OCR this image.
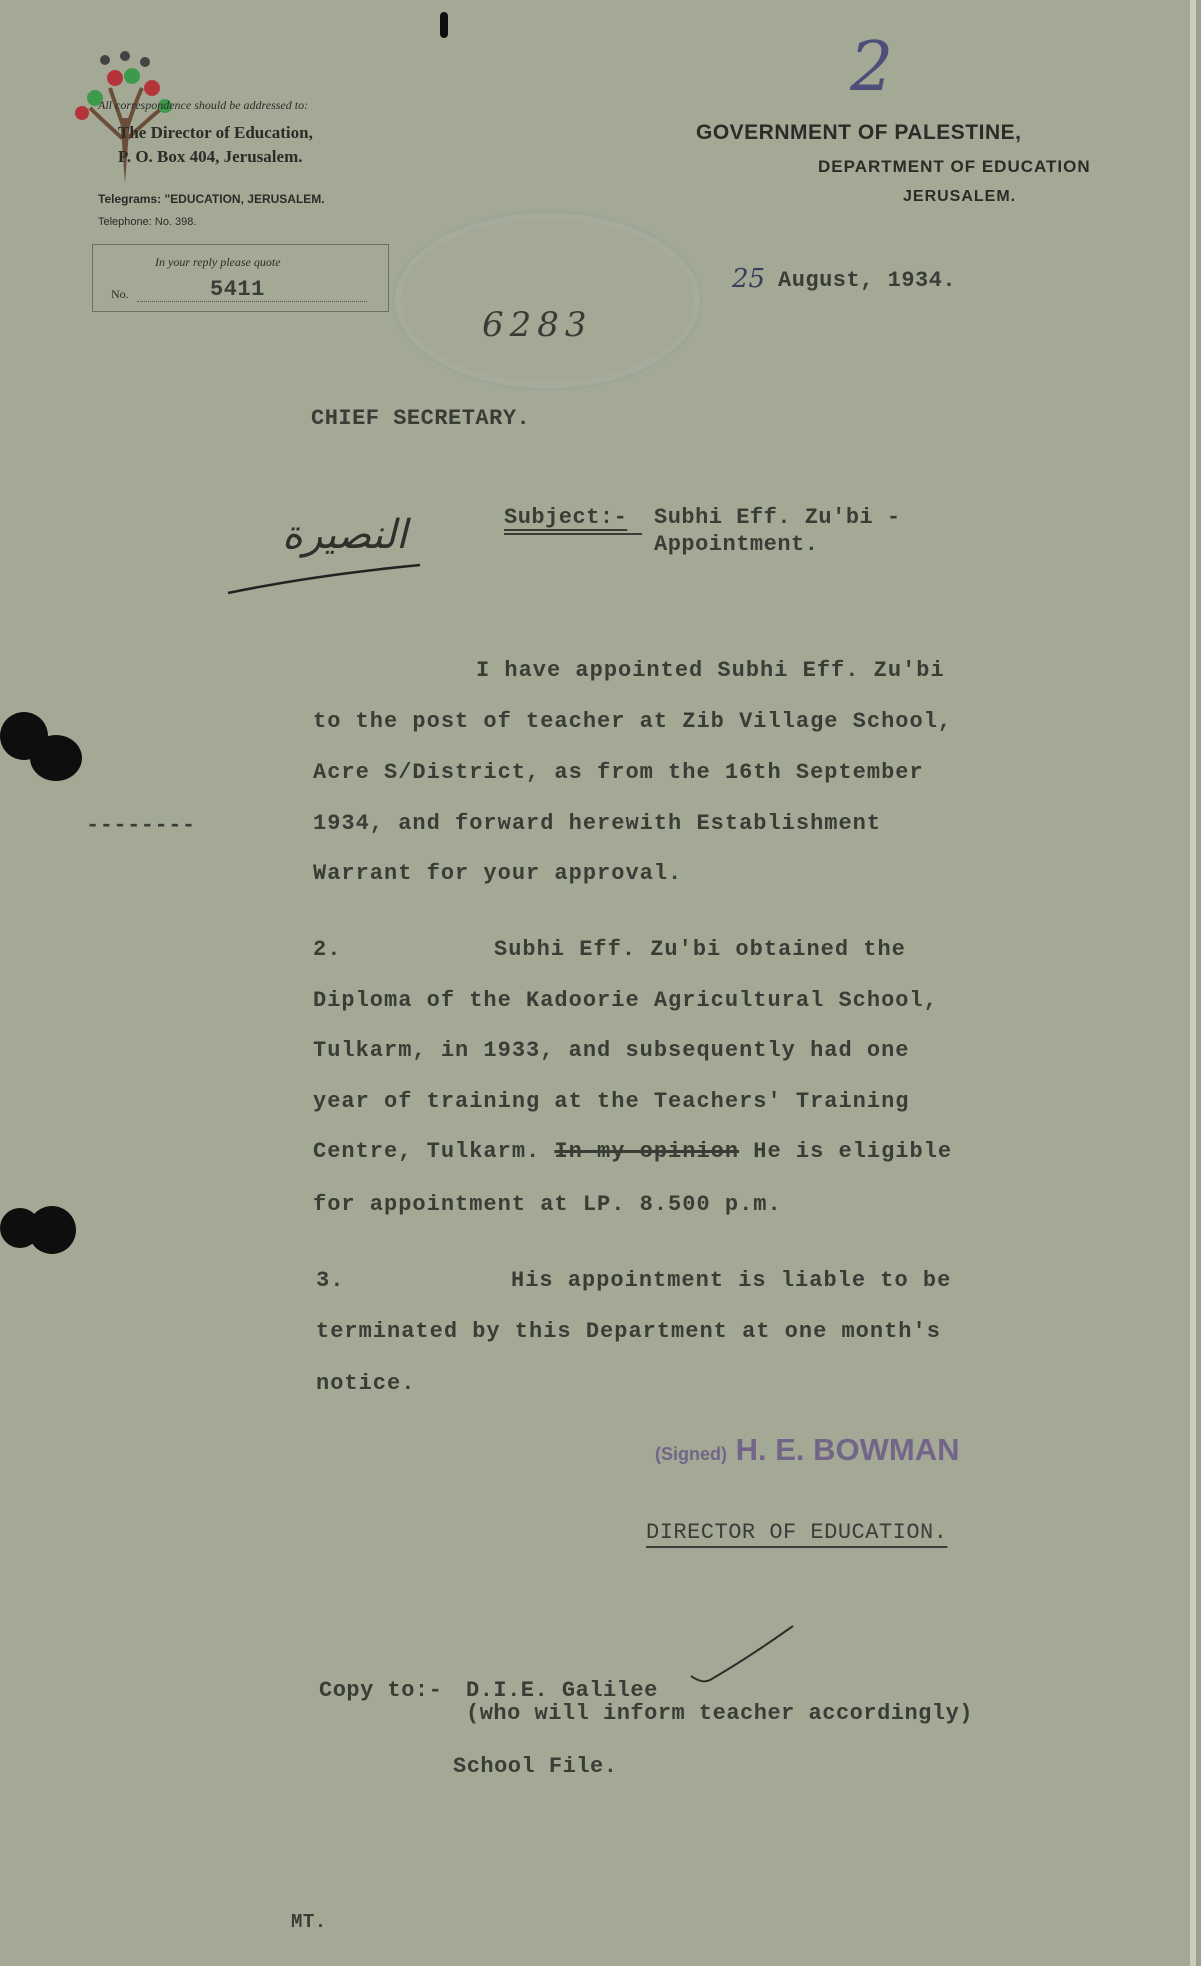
All correspondence should be addressed to:
The Director of Education,
P. O. Box 404, Jerusalem.
Telegrams: "EDUCATION, JERUSALEM.
Telephone: No. 398.
In your reply please quote
No.	5411
6283
2
GOVERNMENT OF PALESTINE,
DEPARTMENT OF EDUCATION
JERUSALEM.
25 August, 1934.
CHIEF SECRETARY.
النصيرة	Subject:- Subhi Eff. Zu'bi -
Appointment.
--------
I have appointed Subhi Eff. Zu'bi
to the post of teacher at Zib Village School,
Acre S/District, as from the 16th September
1934, and forward herewith Establishment
Warrant for your approval.
2.	Subhi Eff. Zu'bi obtained the
Diploma of the Kadoorie Agricultural School,
Tulkarm, in 1933, and subsequently had one
year of training at the Teachers' Training
Centre, Tulkarm. In my opinion He is eligible
for appointment at LP. 8.500 p.m.
3.	His appointment is liable to be
terminated by this Department at one month's
notice.
(Signed) H. E. BOWMAN
DIRECTOR OF EDUCATION.
Copy to:- D.I.E. Galilee
(who will inform teacher accordingly)
School File.
MT.
